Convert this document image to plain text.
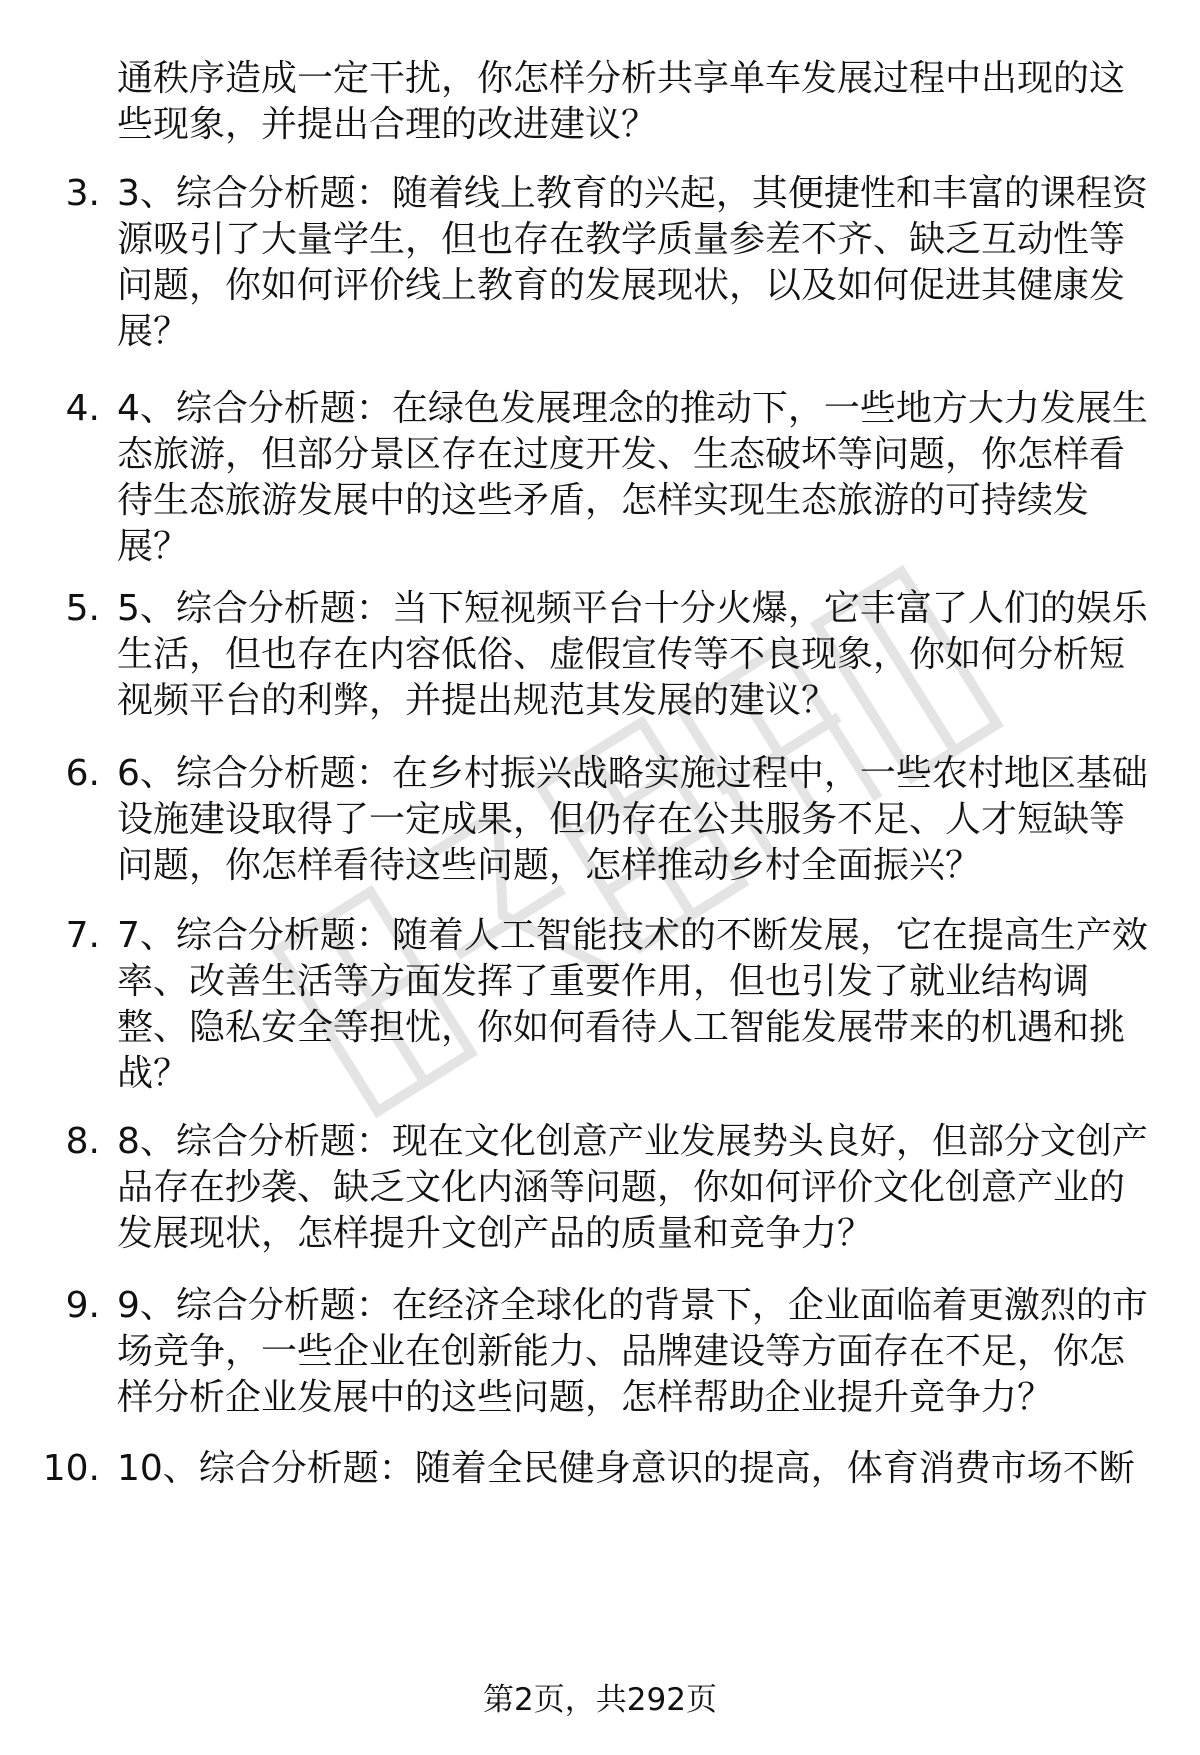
通秩序造成一定干扰，你怎样分析共享单车发展过程中出现的这
些现象，并提出合理的改进建议？
3. 3、综合分析题：随着线上教育的兴起，其便捷性和丰富的课程资
源吸引了大量学生，但也存在教学质量参差不齐、缺乏互动性等
问题，你如何评价线上教育的发展现状，以及如何促进其健康发
展？
4. 4、综合分析题：在绿色发展理念的推动下，一些地方大力发展生
态旅游，但部分景区存在过度开发、生态破坏等问题，你怎样看
待生态旅游发展中的这些矛盾，怎样实现生态旅游的可持续发
展？
5. 5、综合分析题：当下短视频平台十分火爆，它丰富了人们的娱乐
生活，但也存在内容低俗、虚假宣传等不良现象，你如何分析短
视频平台的利弊，并提出规范其发展的建议？
6. 6、综合分析题：在乡村振兴战略实施过程中，一些农村地区基础
设施建设取得了一定成果，但仍存在公共服务不足、人才短缺等
问题，你怎样看待这些问题，怎样推动乡村全面振兴？
7. 7、综合分析题：随着人工智能技术的不断发展，它在提高生产效
率、改善生活等方面发挥了重要作用，但也引发了就业结构调
整、隐私安全等担忧，你如何看待人工智能发展带来的机遇和挑
战？
8. 8、综合分析题：现在文化创意产业发展势头良好，但部分文创产
品存在抄袭、缺乏文化内涵等问题，你如何评价文化创意产业的
发展现状，怎样提升文创产品的质量和竞争力？
9. 9、综合分析题：在经济全球化的背景下，企业面临着更激烈的市
场竞争，一些企业在创新能力、品牌建设等方面存在不足，你怎
样分析企业发展中的这些问题，怎样帮助企业提升竞争力？
10. 10、综合分析题：随着全民健身意识的提高，体育消费市场不断
第2页，共292页
